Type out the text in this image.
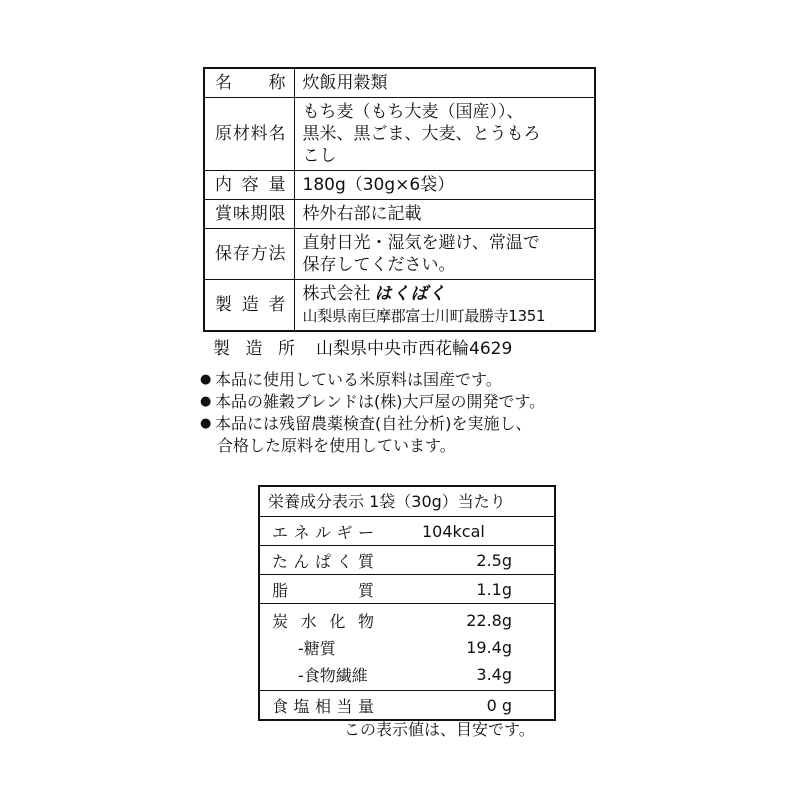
名称	炊飯用穀類

原材料名	もち麦（もち大麦（国産））、
黒米、黒ごま、大麦、とうもろ
こし

内容量	180g（30g×6袋）

賞味期限	枠外右部に記載

保存方法	直射日光・湿気を避け、常温で
保存してください。

製造者	株式会社 はくばく
山梨県南巨摩郡富士川町最勝寺1351
製造所 山梨県中央市西花輪4629
● 本品に使用している米原料は国産です。
● 本品の雑穀ブレンドは(株)大戸屋の開発です。
● 本品には残留農薬検査(自社分析)を実施し、
合格した原料を使用しています。
栄養成分表示 1袋（30g）当たり
エネルギー	104kcal
たんぱく質	2.5g
脂質	1.1g
炭水化物	22.8g
-糖質	19.4g
-食物繊維	3.4g
食塩相当量	0 g
この表示値は、目安です。
